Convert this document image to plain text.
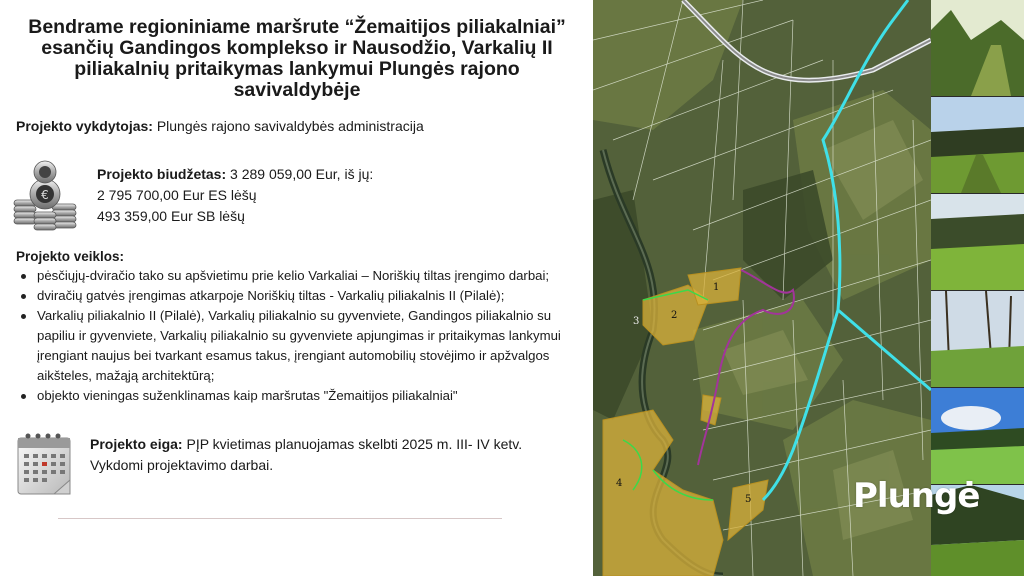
Bendrame regioniniame maršrute “Žemaitijos piliakalniai” esančių Gandingos komplekso ir Nausodžio, Varkalių II piliakalnių pritaikymas lankymui Plungės rajono savivaldybėje
Projekto vykdytojas: Plungės rajono savivaldybės administracija
€
Projekto biudžetas: 3 289 059,00 Eur, iš jų:
2 795 700,00 Eur ES lėšų
493 359,00 Eur SB lėšų
Projekto veiklos:
pėsčiųjų-dviračio tako su apšvietimu prie kelio Varkaliai – Noriškių tiltas įrengimo darbai;
dviračių gatvės įrengimas atkarpoje Noriškių tiltas - Varkalių piliakalnis II (Pilalė);
Varkalių piliakalnio II (Pilalė), Varkalių piliakalnio su gyvenviete, Gandingos piliakalnio su papiliu ir gyvenviete, Varkalių piliakalnio su gyvenviete apjungimas ir pritaikymas lankymui įrengiant naujus bei tvarkant esamus takus, įrengiant automobilių stovėjimo ir apžvalgos aikšteles, mažąją architektūrą;
objekto vieningas suženklinamas kaip maršrutas "Žemaitijos piliakalniai"
Projekto eiga: PĮP kvietimas planuojamas skelbti 2025 m. III- IV ketv.
Vykdomi projektavimo darbai.
1
2
3
4
5	Plungė
